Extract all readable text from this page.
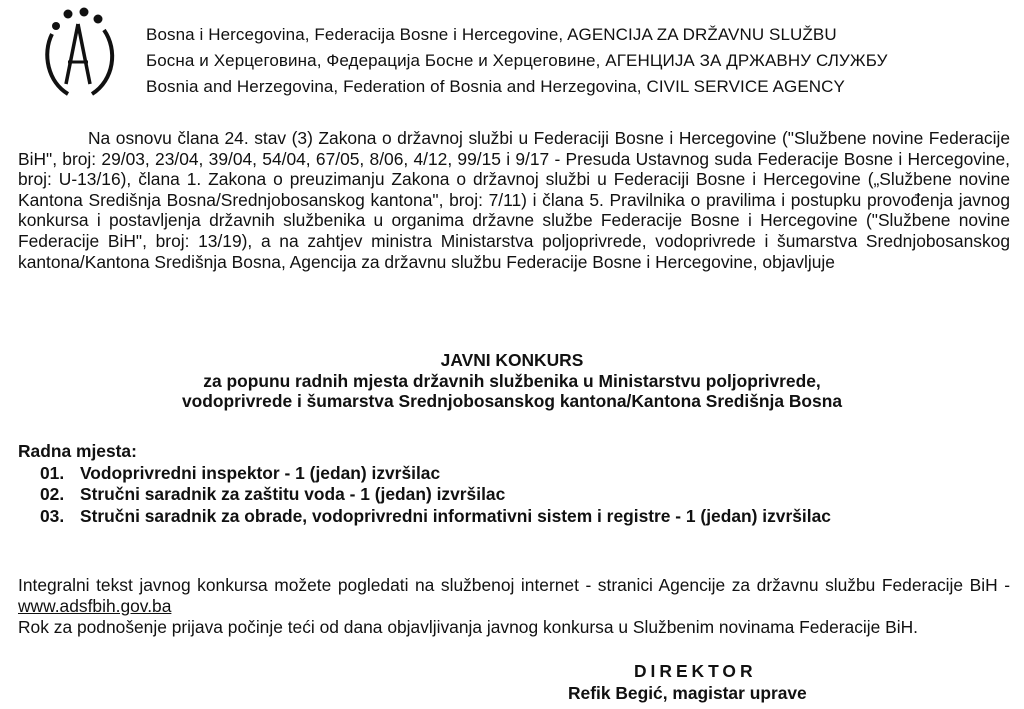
Bosna i Hercegovina, Federacija Bosne i Hercegovine, AGENCIJA ZA DRŽAVNU SLUŽBU
Босна и Херцеговина, Федерација Босне и Херцеговине, АГЕНЦИЈА ЗА ДРЖАВНУ СЛУЖБУ
Bosnia and Herzegovina, Federation of Bosnia and Herzegovina, CIVIL SERVICE AGENCY

Na osnovu člana 24. stav (3) Zakona o državnoj službi u Federaciji Bosne i Hercegovine ("Službene novine Federacije BiH", broj: 29/03, 23/04, 39/04, 54/04, 67/05, 8/06, 4/12, 99/15 i 9/17 - Presuda Ustavnog suda Federacije Bosne i Hercegovine, broj: U-13/16), člana 1. Zakona o preuzimanju Zakona o državnoj službi u Federaciji Bosne i Hercegovine („Službene novine Kantona Središnja Bosna/Srednjobosanskog kantona", broj: 7/11) i člana 5. Pravilnika o pravilima i postupku provođenja javnog konkursa i postavljenja državnih službenika u organima državne službe Federacije Bosne i Hercegovine ("Službene novine Federacije BiH", broj: 13/19), a na zahtjev ministra Ministarstva poljoprivrede, vodoprivrede i šumarstva Srednjobosanskog kantona/Kantona Središnja Bosna, Agencija za državnu službu Federacije Bosne i Hercegovine, objavljuje

JAVNI KONKURS
za popunu radnih mjesta državnih službenika u Ministarstvu poljoprivrede,
vodoprivrede i šumarstva Srednjobosanskog kantona/Kantona Središnja Bosna
Radna mjesta:
01. Vodoprivredni inspektor - 1 (jedan) izvršilac
02. Stručni saradnik za zaštitu voda - 1 (jedan) izvršilac
03. Stručni saradnik za obrade, vodoprivredni informativni sistem i registre - 1 (jedan) izvršilac

Integralni tekst javnog konkursa možete pogledati na službenoj internet - stranici Agencije za državnu službu Federacije BiH - www.adsfbih.gov.ba

Rok za podnošenje prijava počinje teći od dana objavljivanja javnog konkursa u Službenim novinama Federacije BiH.

DIREKTOR
Refik Begić, magistar uprave
